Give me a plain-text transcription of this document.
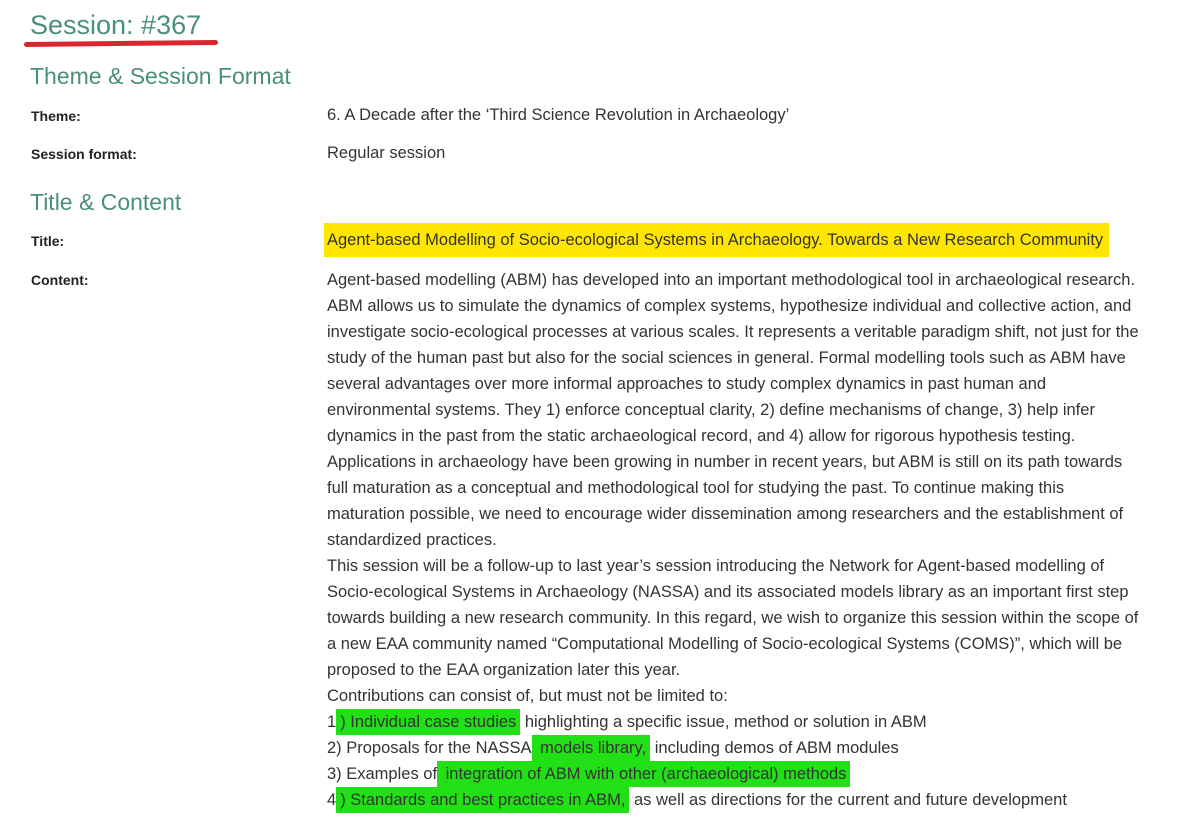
Session: #367
Theme & Session Format
Theme:	6. A Decade after the ‘Third Science Revolution in Archaeology’
Session format:	Regular session
Title & Content
Title:	Agent-based Modelling of Socio-ecological Systems in Archaeology. Towards a New Research Community
Content:	Agent-based modelling (ABM) has developed into an important methodological tool in archaeological research.
ABM allows us to simulate the dynamics of complex systems, hypothesize individual and collective action, and
investigate socio-ecological processes at various scales. It represents a veritable paradigm shift, not just for the
study of the human past but also for the social sciences in general. Formal modelling tools such as ABM have
several advantages over more informal approaches to study complex dynamics in past human and
environmental systems. They 1) enforce conceptual clarity, 2) define mechanisms of change, 3) help infer
dynamics in the past from the static archaeological record, and 4) allow for rigorous hypothesis testing.
Applications in archaeology have been growing in number in recent years, but ABM is still on its path towards
full maturation as a conceptual and methodological tool for studying the past. To continue making this
maturation possible, we need to encourage wider dissemination among researchers and the establishment of
standardized practices.
This session will be a follow-up to last year’s session introducing the Network for Agent-based modelling of
Socio-ecological Systems in Archaeology (NASSA) and its associated models library as an important first step
towards building a new research community. In this regard, we wish to organize this session within the scope of
a new EAA community named “Computational Modelling of Socio-ecological Systems (COMS)”, which will be
proposed to the EAA organization later this year.
Contributions can consist of, but must not be limited to:
1 ) Individual case studies highlighting a specific issue, method or solution in ABM
2) Proposals for the NASSA models library, including demos of ABM modules
3) Examples of integration of ABM with other (archaeological) methods
4 ) Standards and best practices in ABM, as well as directions for the current and future development
